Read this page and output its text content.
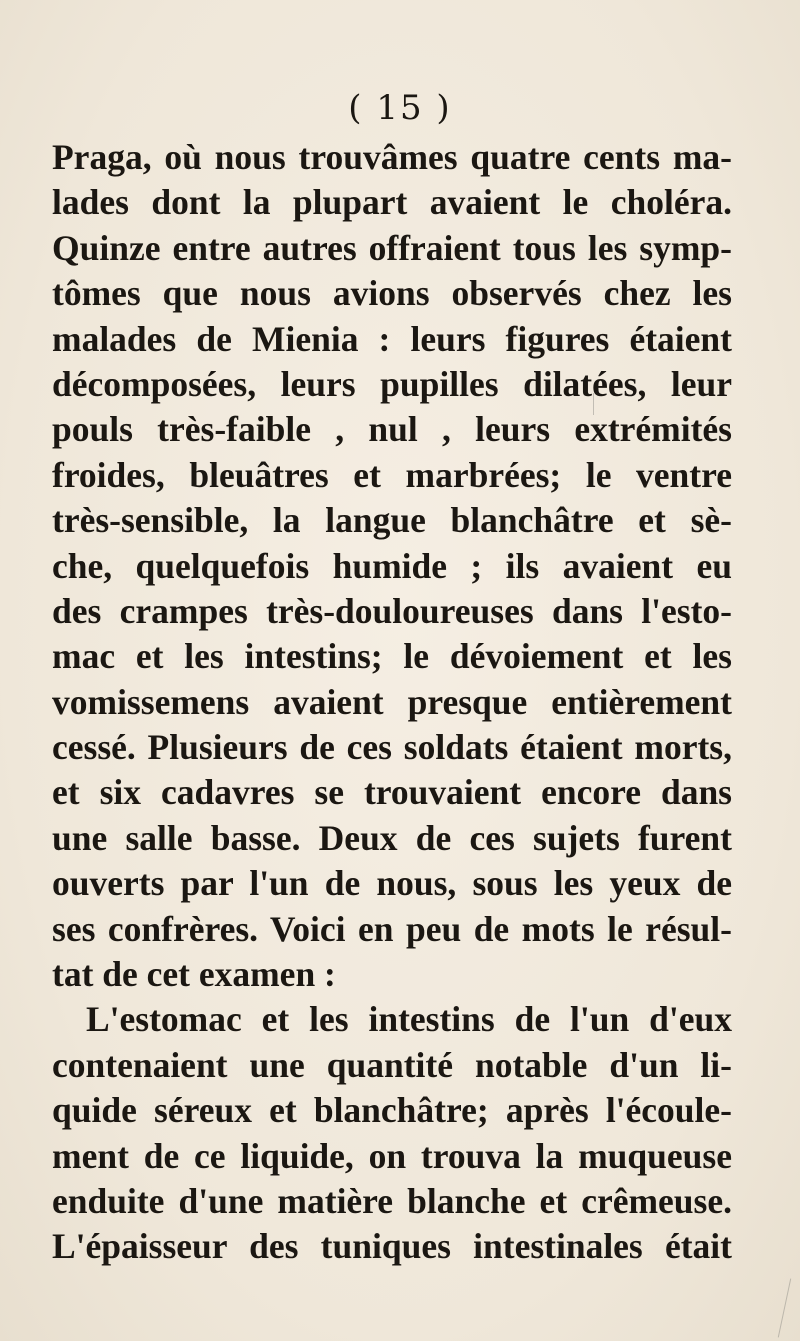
( 15 )
Praga, où nous trouvâmes quatre cents ma-
lades dont la plupart avaient le choléra.
Quinze entre autres offraient tous les symp-
tômes que nous avions observés chez les
malades de Mienia : leurs figures étaient
décomposées, leurs pupilles dilatées, leur
pouls très-faible , nul , leurs extrémités
froides, bleuâtres et marbrées; le ventre
très-sensible, la langue blanchâtre et sè-
che, quelquefois humide ; ils avaient eu
des crampes très-douloureuses dans l'esto-
mac et les intestins; le dévoiement et les
vomissemens avaient presque entièrement
cessé. Plusieurs de ces soldats étaient morts,
et six cadavres se trouvaient encore dans
une salle basse. Deux de ces sujets furent
ouverts par l'un de nous, sous les yeux de
ses confrères. Voici en peu de mots le résul-
tat de cet examen :
L'estomac et les intestins de l'un d'eux
contenaient une quantité notable d'un li-
quide séreux et blanchâtre; après l'écoule-
ment de ce liquide, on trouva la muqueuse
enduite d'une matière blanche et crêmeuse.
L'épaisseur des tuniques intestinales était
